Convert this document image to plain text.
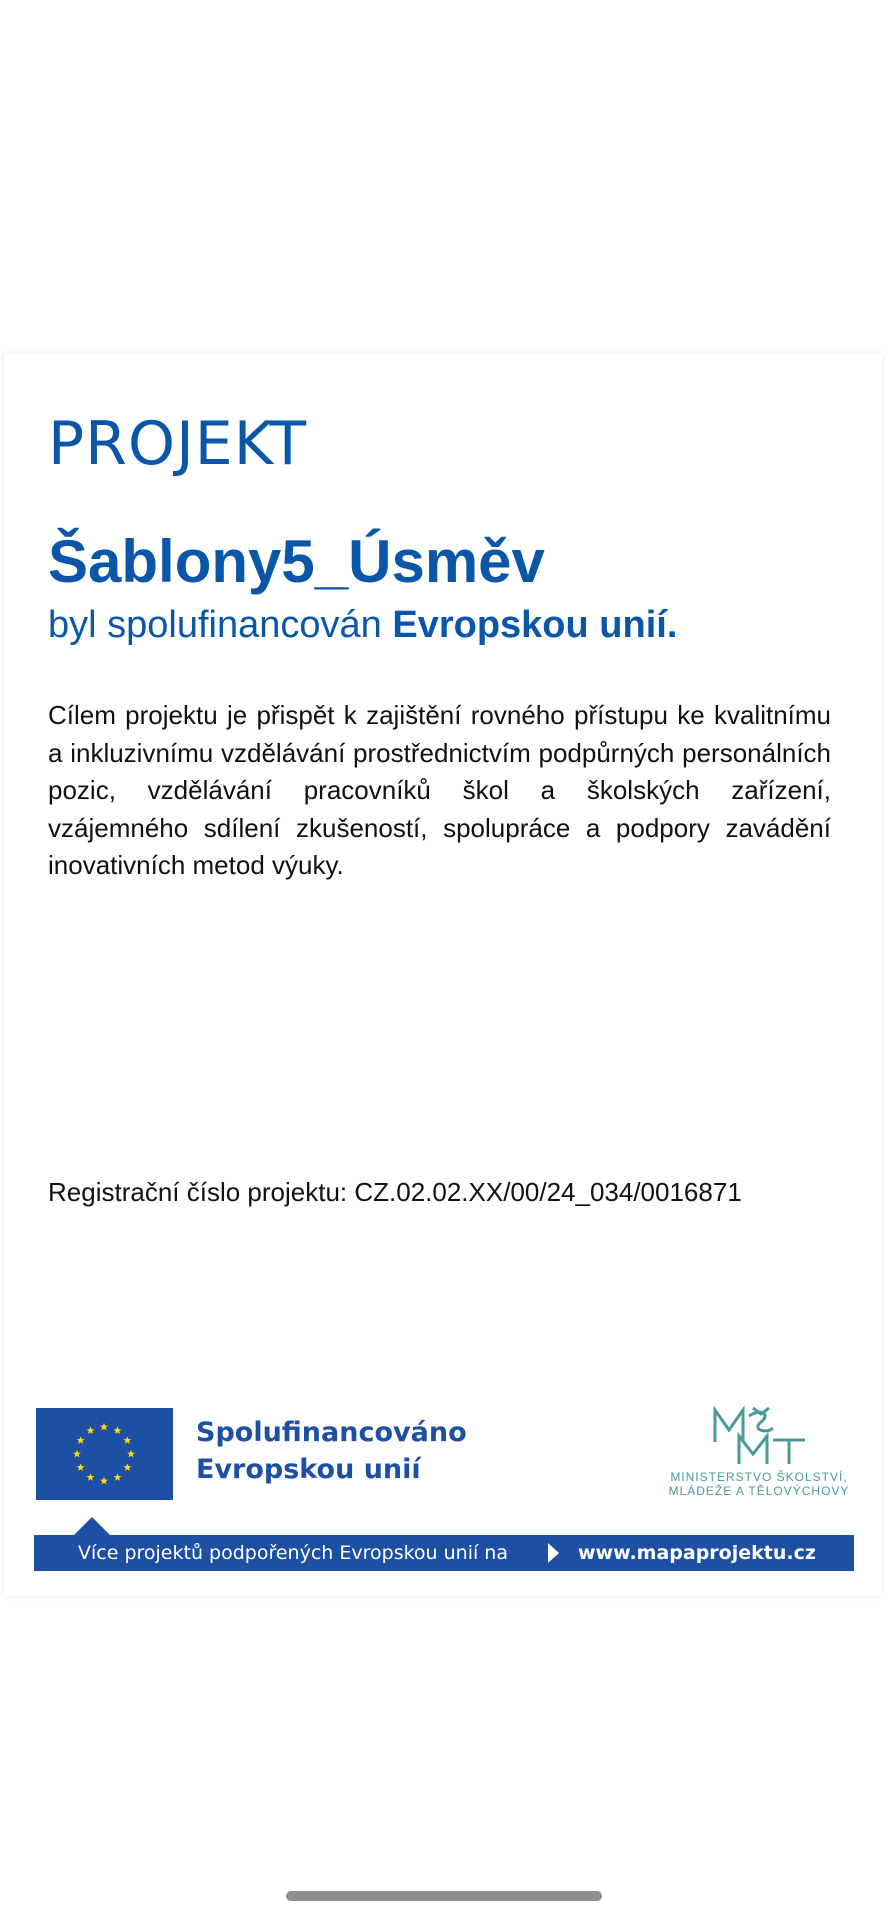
PROJEKT
Šablony5_Úsměv
byl spolufinancován Evropskou unií.
Cílem projektu je přispět k zajištění rovného přístupu ke kvalitnímu a inkluzivnímu vzdělávání prostřednictvím podpůrných personálních pozic, vzdělávání pracovníků škol a školských zařízení, vzájemného sdílení zkušeností, spolupráce a podpory zavádění inovativních metod výuky.
Registrační číslo projektu: CZ.02.02.XX/00/24_034/0016871
Spolufinancováno
Evropskou unií	MINISTERSTVO ŠKOLSTVÍ,
MLÁDEŽE A TĚLOVÝCHOVY
Více projektů podpořených Evropskou unií na	www.mapaprojektu.cz
